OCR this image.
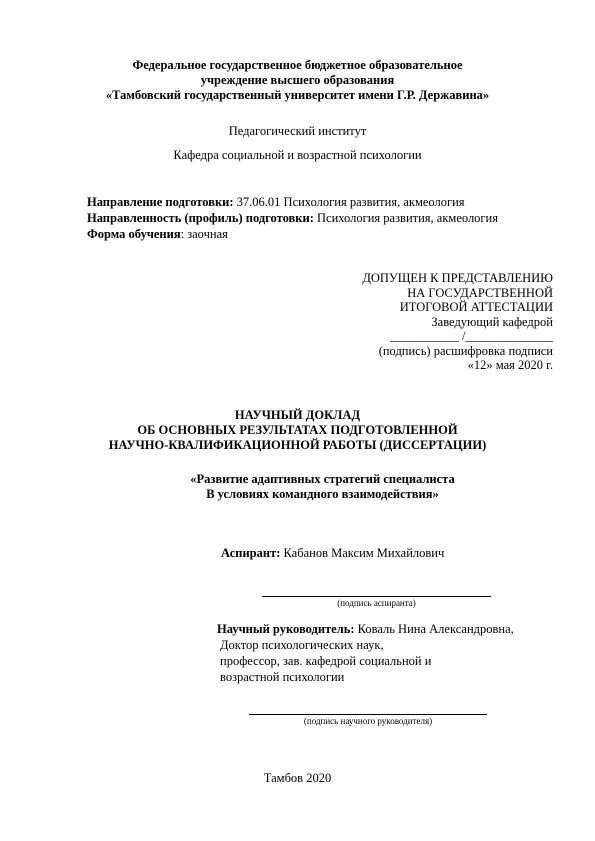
Федеральное государственное бюджетное образовательное
учреждение высшего образования
«Тамбовский государственный университет имени Г.Р. Державина»
Педагогический институт
Кафедра социальной и возрастной психологии
Направление подготовки: 37.06.01 Психология развития, акмеология
Направленность (профиль) подготовки: Психология развития, акмеология
Форма обучения: заочная
ДОПУЩЕН К ПРЕДСТАВЛЕНИЮ
НА ГОСУДАРСТВЕННОЙ
ИТОГОВОЙ АТТЕСТАЦИИ
Заведующий кафедрой
___________ /______________
(подпись) расшифровка подписи
«12» мая 2020 г.
НАУЧНЫЙ ДОКЛАД
ОБ ОСНОВНЫХ РЕЗУЛЬТАТАХ ПОДГОТОВЛЕННОЙ
НАУЧНО-КВАЛИФИКАЦИОННОЙ РАБОТЫ (ДИССЕРТАЦИИ)
«Развитие адаптивных стратегий специалиста
В условиях командного взаимодействия»
Аспирант: Кабанов Максим Михайлович
(подпись аспиранта)
Научный руководитель: Коваль Нина Александровна,
Доктор психологических наук,
профессор, зав. кафедрой социальной и
возрастной психологии
(подпись научного руководителя)
Тамбов 2020
